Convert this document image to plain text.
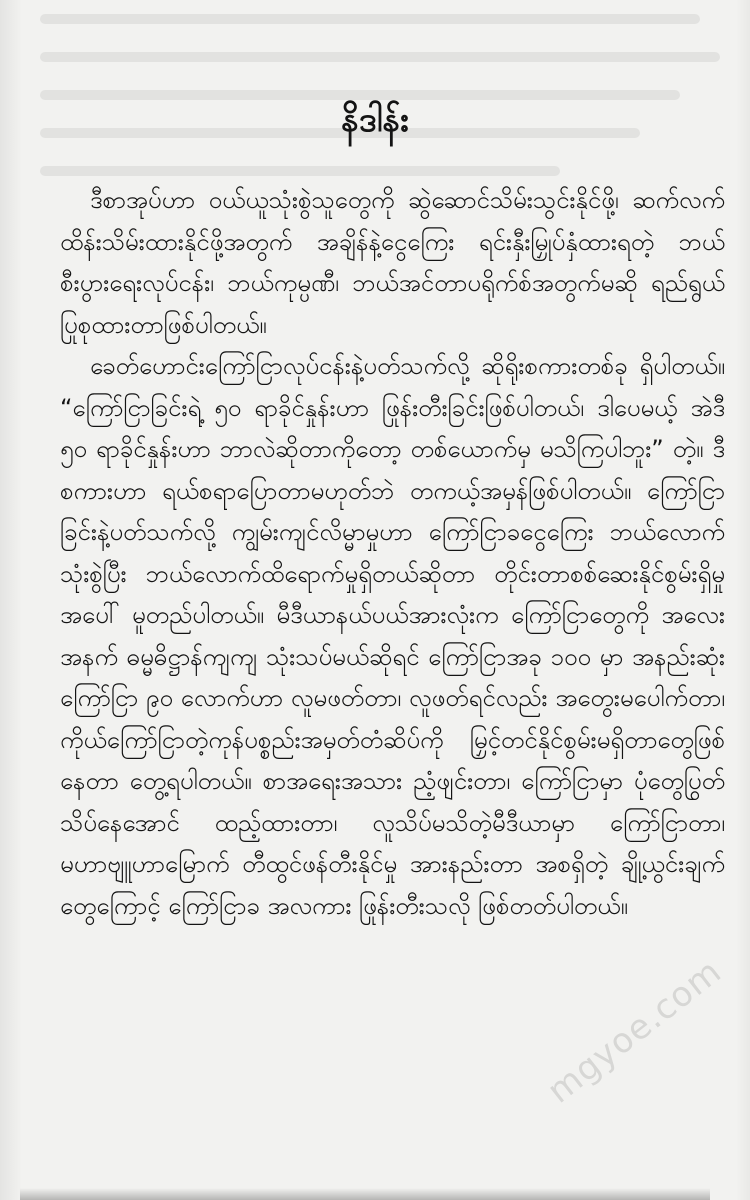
နိဒါန်း

ဒီစာအုပ်ဟာ ဝယ်ယူသုံးစွဲသူတွေကို ဆွဲဆောင်သိမ်းသွင်းနိုင်ဖို့၊ ဆက်လက်ထိန်းသိမ်းထားနိုင်ဖို့အတွက် အချိန်နဲ့ငွေကြေး ရင်းနှီးမြှုပ်နှံထားရတဲ့ ဘယ်စီးပွားရေးလုပ်ငန်း၊ ဘယ်ကုမ္ပဏီ၊ ဘယ်အင်တာပရိုက်စ်အတွက်မဆို ရည်ရွယ်ပြုစုထားတာဖြစ်ပါတယ်။

ခေတ်ဟောင်းကြော်ငြာလုပ်ငန်းနဲ့ပတ်သက်လို့ ဆိုရိုးစကားတစ်ခု ရှိပါတယ်။ “ကြော်ငြာခြင်းရဲ့ ၅၀ ရာခိုင်နှုန်းဟာ ဖြုန်းတီးခြင်းဖြစ်ပါတယ်၊ ဒါပေမယ့် အဲဒီ ၅၀ ရာခိုင်နှုန်းဟာ ဘာလဲဆိုတာကိုတော့ တစ်ယောက်မှ မသိကြပါဘူး” တဲ့။ ဒီစကားဟာ ရယ်စရာပြောတာမဟုတ်ဘဲ တကယ့်အမှန်ဖြစ်ပါတယ်။ ကြော်ငြာခြင်းနဲ့ပတ်သက်လို့ ကျွမ်းကျင်လိမ္မာမှုဟာ ကြော်ငြာခငွေကြေး ဘယ်လောက်သုံးစွဲပြီး ဘယ်လောက်ထိရောက်မှုရှိတယ်ဆိုတာ တိုင်းတာစစ်ဆေးနိုင်စွမ်းရှိမှုအပေါ် မူတည်ပါတယ်။ မီဒီယာနယ်ပယ်အားလုံးက ကြော်ငြာတွေကို အလေးအနက် ဓမ္မဓိဋ္ဌာန်ကျကျ သုံးသပ်မယ်ဆိုရင် ကြော်ငြာအခု ၁၀၀ မှာ အနည်းဆုံး ကြော်ငြာ ၉၀ လောက်ဟာ လူမဖတ်တာ၊ လူဖတ်ရင်လည်း အတွေးမပေါက်တာ၊ ကိုယ်ကြော်ငြာတဲ့ကုန်ပစ္စည်းအမှတ်တံဆိပ်ကို မြှင့်တင်နိုင်စွမ်းမရှိတာတွေဖြစ်နေတာ တွေ့ရပါတယ်။ စာအရေးအသား ညံ့ဖျင်းတာ၊ ကြော်ငြာမှာ ပုံတွေပြွတ်သိပ်နေအောင် ထည့်ထားတာ၊ လူသိပ်မသိတဲ့မီဒီယာမှာ ကြော်ငြာတာ၊ မဟာဗျူဟာမြောက် တီထွင်ဖန်တီးနိုင်မှု အားနည်းတာ အစရှိတဲ့ ချို့ယွင်းချက်တွေကြောင့် ကြော်ငြာခ အလကား ဖြုန်းတီးသလို ဖြစ်တတ်ပါတယ်။

mgyoe.com
